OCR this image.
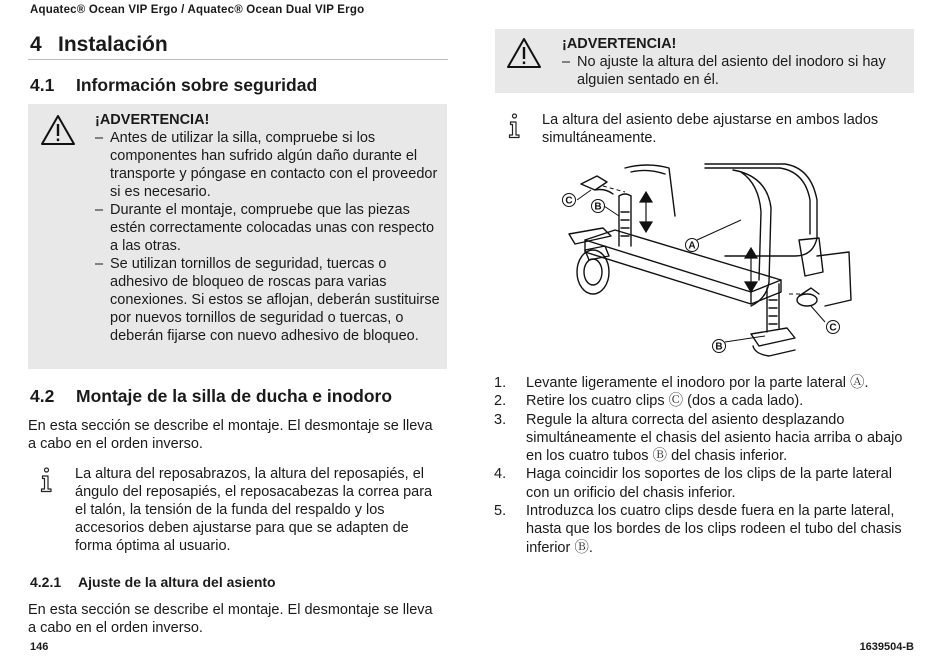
Aquatec® Ocean VIP Ergo / Aquatec® Ocean Dual VIP Ergo
4 Instalación
4.1 Información sobre seguridad
¡ADVERTENCIA!
– Antes de utilizar la silla, compruebe si los componentes han sufrido algún daño durante el transporte y póngase en contacto con el proveedor si es necesario.
– Durante el montaje, compruebe que las piezas estén correctamente colocadas unas con respecto a las otras.
– Se utilizan tornillos de seguridad, tuercas o adhesivo de bloqueo de roscas para varias conexiones. Si estos se aflojan, deberán sustituirse por nuevos tornillos de seguridad o tuercas, o deberán fijarse con nuevo adhesivo de bloqueo.
4.2 Montaje de la silla de ducha e inodoro
En esta sección se describe el montaje. El desmontaje se lleva a cabo en el orden inverso.
La altura del reposabrazos, la altura del reposapiés, el ángulo del reposapiés, el reposacabezas la correa para el talón, la tensión de la funda del respaldo y los accesorios deben ajustarse para que se adapten de forma óptima al usuario.
4.2.1 Ajuste de la altura del asiento
En esta sección se describe el montaje. El desmontaje se lleva a cabo en el orden inverso.
¡ADVERTENCIA!
– No ajuste la altura del asiento del inodoro si hay alguien sentado en él.
La altura del asiento debe ajustarse en ambos lados simultáneamente.
C
B
A
C
B
1. Levante ligeramente el inodoro por la parte lateral Ⓐ.
2. Retire los cuatro clips Ⓒ (dos a cada lado).
3. Regule la altura correcta del asiento desplazando simultáneamente el chasis del asiento hacia arriba o abajo en los cuatro tubos Ⓑ del chasis inferior.
4. Haga coincidir los soportes de los clips de la parte lateral con un orificio del chasis inferior.
5. Introduzca los cuatro clips desde fuera en la parte lateral, hasta que los bordes de los clips rodeen el tubo del chasis inferior Ⓑ.
146	1639504-B
